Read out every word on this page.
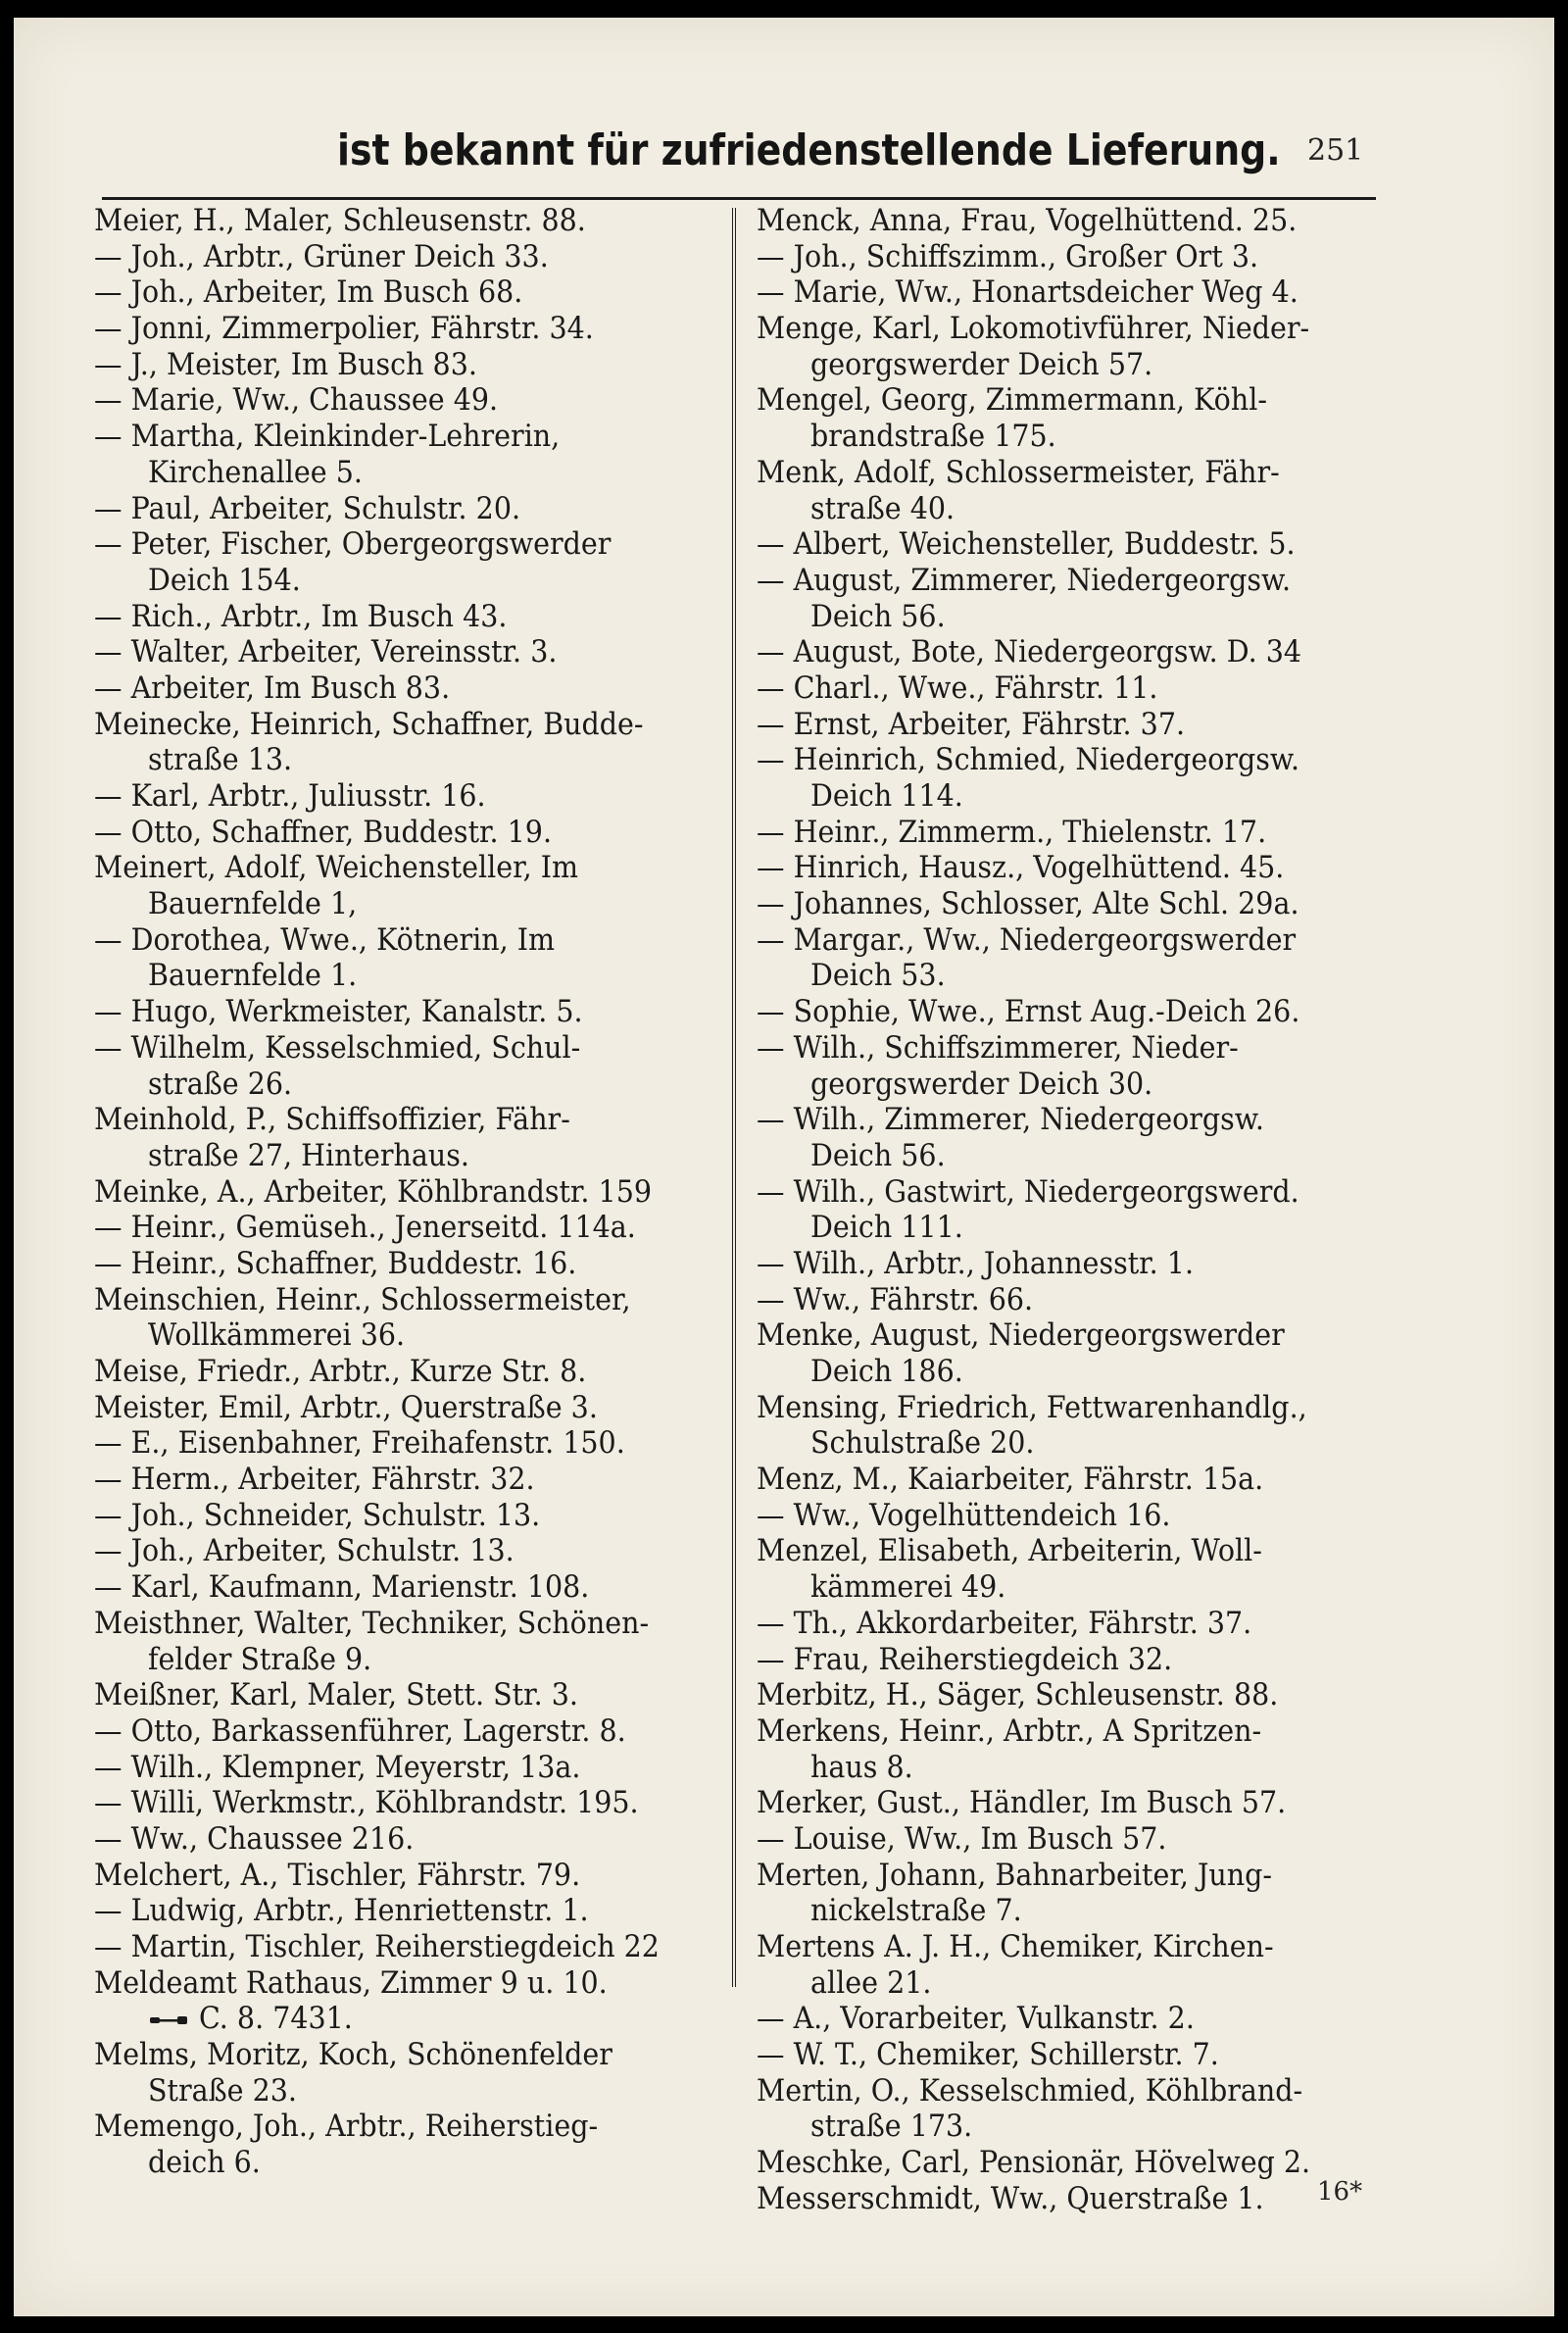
ist bekannt für zufriedenstellende Lieferung. 251
Meier, H., Maler, Schleusenstr. 88.
— Joh., Arbtr., Grüner Deich 33.
— Joh., Arbeiter, Im Busch 68.
— Jonni, Zimmerpolier, Fährstr. 34.
— J., Meister, Im Busch 83.
— Marie, Ww., Chaussee 49.
— Martha, Kleinkinder-Lehrerin,
Kirchenallee 5.
— Paul, Arbeiter, Schulstr. 20.
— Peter, Fischer, Obergeorgswerder
Deich 154.
— Rich., Arbtr., Im Busch 43.
— Walter, Arbeiter, Vereinsstr. 3.
— Arbeiter, Im Busch 83.
Meinecke, Heinrich, Schaffner, Budde-
straße 13.
— Karl, Arbtr., Juliusstr. 16.
— Otto, Schaffner, Buddestr. 19.
Meinert, Adolf, Weichensteller, Im
Bauernfelde 1,
— Dorothea, Wwe., Kötnerin, Im
Bauernfelde 1.
— Hugo, Werkmeister, Kanalstr. 5.
— Wilhelm, Kesselschmied, Schul-
straße 26.
Meinhold, P., Schiffsoffizier, Fähr-
straße 27, Hinterhaus.
Meinke, A., Arbeiter, Köhlbrandstr. 159
— Heinr., Gemüseh., Jenerseitd. 114a.
— Heinr., Schaffner, Buddestr. 16.
Meinschien, Heinr., Schlossermeister,
Wollkämmerei 36.
Meise, Friedr., Arbtr., Kurze Str. 8.
Meister, Emil, Arbtr., Querstraße 3.
— E., Eisenbahner, Freihafenstr. 150.
— Herm., Arbeiter, Fährstr. 32.
— Joh., Schneider, Schulstr. 13.
— Joh., Arbeiter, Schulstr. 13.
— Karl, Kaufmann, Marienstr. 108.
Meisthner, Walter, Techniker, Schönen-
felder Straße 9.
Meißner, Karl, Maler, Stett. Str. 3.
— Otto, Barkassenführer, Lagerstr. 8.
— Wilh., Klempner, Meyerstr, 13a.
— Willi, Werkmstr., Köhlbrandstr. 195.
— Ww., Chaussee 216.
Melchert, A., Tischler, Fährstr. 79.
— Ludwig, Arbtr., Henriettenstr. 1.
— Martin, Tischler, Reiherstiegdeich 22
Meldeamt Rathaus, Zimmer 9 u. 10.
C. 8. 7431.
Melms, Moritz, Koch, Schönenfelder
Straße 23.
Memengo, Joh., Arbtr., Reiherstieg-
deich 6.
Menck, Anna, Frau, Vogelhüttend. 25.
— Joh., Schiffszimm., Großer Ort 3.
— Marie, Ww., Honartsdeicher Weg 4.
Menge, Karl, Lokomotivführer, Nieder-
georgswerder Deich 57.
Mengel, Georg, Zimmermann, Köhl-
brandstraße 175.
Menk, Adolf, Schlossermeister, Fähr-
straße 40.
— Albert, Weichensteller, Buddestr. 5.
— August, Zimmerer, Niedergeorgsw.
Deich 56.
— August, Bote, Niedergeorgsw. D. 34
— Charl., Wwe., Fährstr. 11.
— Ernst, Arbeiter, Fährstr. 37.
— Heinrich, Schmied, Niedergeorgsw.
Deich 114.
— Heinr., Zimmerm., Thielenstr. 17.
— Hinrich, Hausz., Vogelhüttend. 45.
— Johannes, Schlosser, Alte Schl. 29a.
— Margar., Ww., Niedergeorgswerder
Deich 53.
— Sophie, Wwe., Ernst Aug.-Deich 26.
— Wilh., Schiffszimmerer, Nieder-
georgswerder Deich 30.
— Wilh., Zimmerer, Niedergeorgsw.
Deich 56.
— Wilh., Gastwirt, Niedergeorgswerd.
Deich 111.
— Wilh., Arbtr., Johannesstr. 1.
— Ww., Fährstr. 66.
Menke, August, Niedergeorgswerder
Deich 186.
Mensing, Friedrich, Fettwarenhandlg.,
Schulstraße 20.
Menz, M., Kaiarbeiter, Fährstr. 15a.
— Ww., Vogelhüttendeich 16.
Menzel, Elisabeth, Arbeiterin, Woll-
kämmerei 49.
— Th., Akkordarbeiter, Fährstr. 37.
— Frau, Reiherstiegdeich 32.
Merbitz, H., Säger, Schleusenstr. 88.
Merkens, Heinr., Arbtr., A Spritzen-
haus 8.
Merker, Gust., Händler, Im Busch 57.
— Louise, Ww., Im Busch 57.
Merten, Johann, Bahnarbeiter, Jung-
nickelstraße 7.
Mertens A. J. H., Chemiker, Kirchen-
allee 21.
— A., Vorarbeiter, Vulkanstr. 2.
— W. T., Chemiker, Schillerstr. 7.
Mertin, O., Kesselschmied, Köhlbrand-
straße 173.
Meschke, Carl, Pensionär, Hövelweg 2.
Messerschmidt, Ww., Querstraße 1.	16*
